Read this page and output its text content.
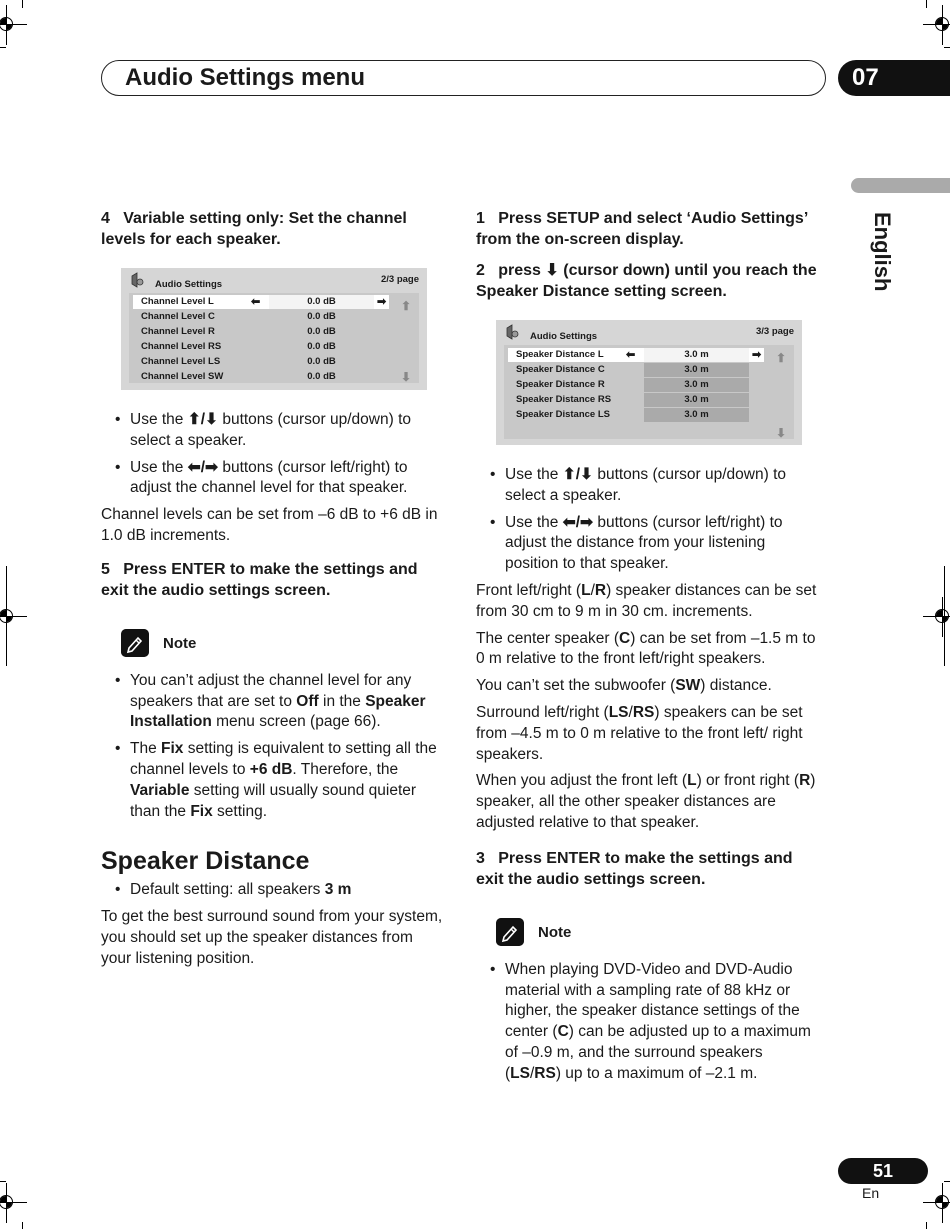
Audio Settings menu	07
English
4 Variable setting only: Set the channel levels for each speaker.
Audio Settings	2/3 page
Channel Level L	⬅	0.0 dB	➡
Channel Level C	0.0 dB
Channel Level R	0.0 dB
Channel Level RS	0.0 dB
Channel Level LS	0.0 dB
Channel Level SW	0.0 dB
⬆
⬇
• Use the ⬆/⬇ buttons (cursor up/down) to select a speaker.
• Use the ⬅/➡ buttons (cursor left/right) to adjust the channel level for that speaker.

Channel levels can be set from –6 dB to +6 dB in 1.0 dB increments.

5 Press ENTER to make the settings and exit the audio settings screen.
Note
• You can’t adjust the channel level for any speakers that are set to Off in the Speaker Installation menu screen (page 66).
• The Fix setting is equivalent to setting all the channel levels to +6 dB. Therefore, the Variable setting will usually sound quieter than the Fix setting.
Speaker Distance
• Default setting: all speakers 3 m

To get the best surround sound from your system, you should set up the speaker distances from your listening position.

1 Press SETUP and select ‘Audio Settings’ from the on-screen display.
2 press ⬇ (cursor down) until you reach the Speaker Distance setting screen.
Audio Settings	3/3 page
Speaker Distance L ⬅	3.0 m	➡
Speaker Distance C	3.0 m
Speaker Distance R	3.0 m
Speaker Distance RS	3.0 m
Speaker Distance LS	3.0 m
⬆
⬇
• Use the ⬆/⬇ buttons (cursor up/down) to select a speaker.
• Use the ⬅/➡ buttons (cursor left/right) to adjust the distance from your listening position to that speaker.

Front left/right (L/R) speaker distances can be set from 30 cm to 9 m in 30 cm. increments.

The center speaker (C) can be set from –1.5 m to 0 m relative to the front left/right speakers.

You can’t set the subwoofer (SW) distance.

Surround left/right (LS/RS) speakers can be set from –4.5 m to 0 m relative to the front left/ right speakers.

When you adjust the front left (L) or front right (R) speaker, all the other speaker distances are adjusted relative to that speaker.

3 Press ENTER to make the settings and exit the audio settings screen.
Note
• When playing DVD-Video and DVD-Audio material with a sampling rate of 88 kHz or higher, the speaker distance settings of the center (C) can be adjusted up to a maximum of –0.9 m, and the surround speakers (LS/RS) up to a maximum of –2.1 m.
51
En
